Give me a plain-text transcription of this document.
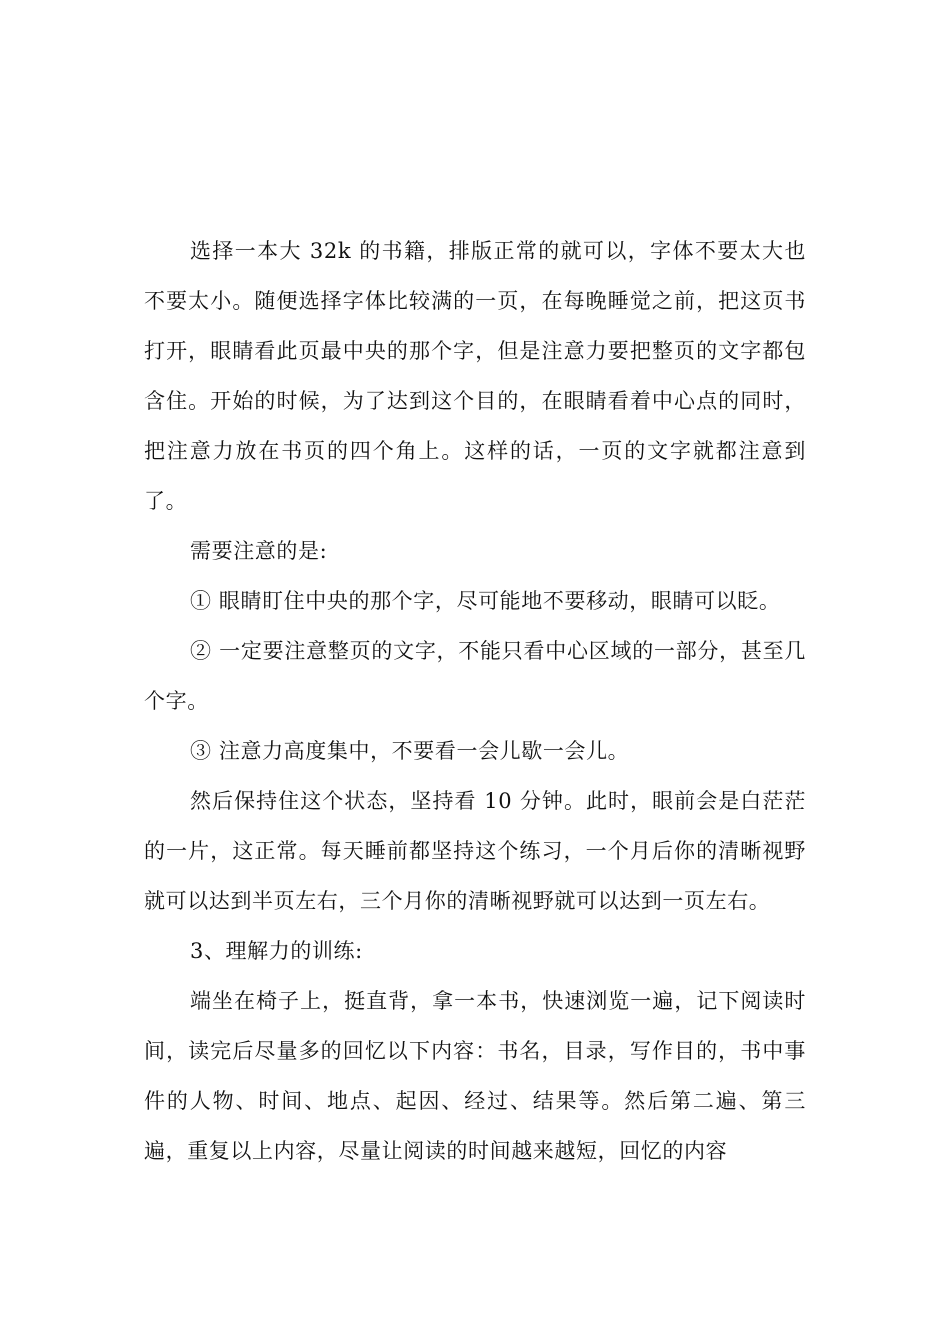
选择一本大 32k 的书籍，排版正常的就可以，字体不要太大也不要太小。随便选择字体比较满的一页，在每晚睡觉之前，把这页书打开，眼睛看此页最中央的那个字，但是注意力要把整页的文字都包含住。开始的时候，为了达到这个目的，在眼睛看着中心点的同时，把注意力放在书页的四个角上。这样的话，一页的文字就都注意到了。

需要注意的是:

① 眼睛盯住中央的那个字，尽可能地不要移动，眼睛可以眨。

② 一定要注意整页的文字，不能只看中心区域的一部分，甚至几个字。

③ 注意力高度集中，不要看一会儿歇一会儿。

然后保持住这个状态，坚持看 10 分钟。此时，眼前会是白茫茫的一片，这正常。每天睡前都坚持这个练习，一个月后你的清晰视野就可以达到半页左右，三个月你的清晰视野就可以达到一页左右。

3、理解力的训练:

端坐在椅子上，挺直背，拿一本书，快速浏览一遍，记下阅读时间，读完后尽量多的回忆以下内容：书名，目录，写作目的，书中事件的人物、时间、地点、起因、经过、结果等。然后第二遍、第三遍，重复以上内容，尽量让阅读的时间越来越短，回忆的内容
